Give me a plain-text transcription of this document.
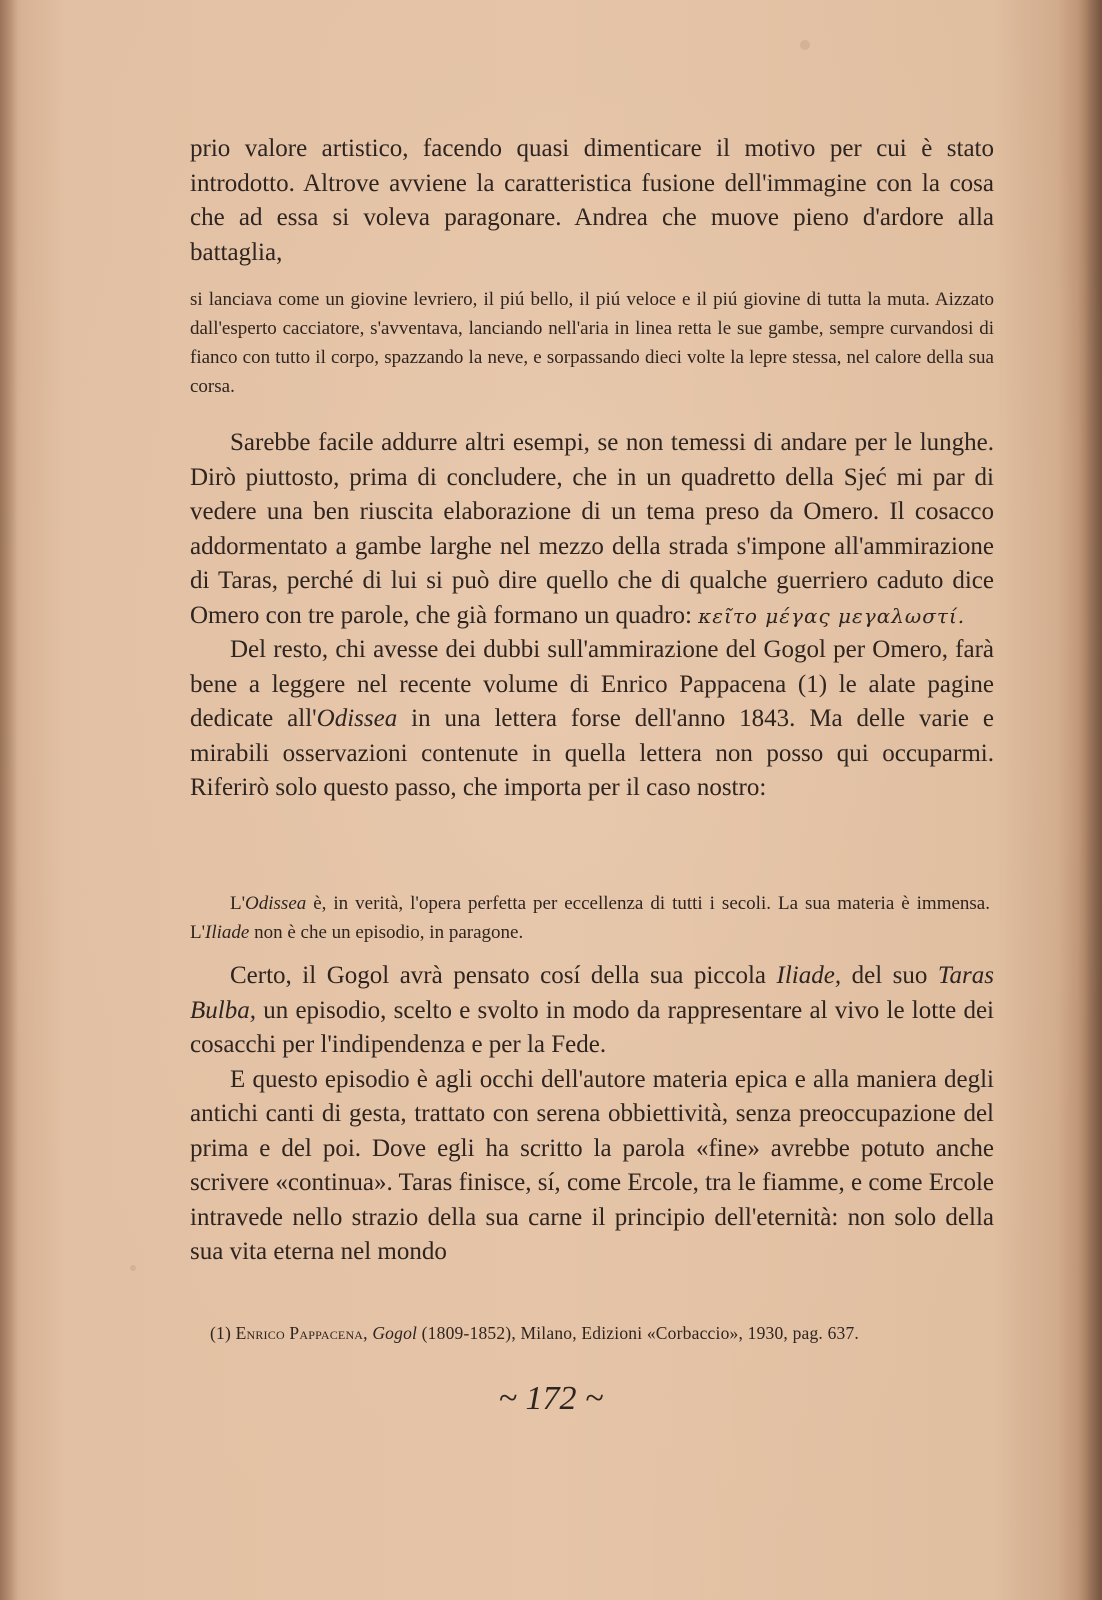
prio valore artistico, facendo quasi dimenticare il motivo per cui è stato introdotto. Altrove avviene la caratteristica fusione dell'immagine con la cosa che ad essa si voleva paragonare. Andrea che muove pieno d'ardore alla battaglia,

si lanciava come un giovine levriero, il piú bello, il piú veloce e il piú giovine di tutta la muta. Aizzato dall'esperto cacciatore, s'avventava, lanciando nell'aria in linea retta le sue gambe, sempre curvandosi di fianco con tutto il corpo, spazzando la neve, e sorpassando dieci volte la lepre stessa, nel calore della sua corsa.

Sarebbe facile addurre altri esempi, se non temessi di andare per le lunghe. Dirò piuttosto, prima di concludere, che in un quadretto della Sjeć mi par di vedere una ben riuscita elaborazione di un tema preso da Omero. Il cosacco addormentato a gambe larghe nel mezzo della strada s'impone all'ammirazione di Taras, perché di lui si può dire quello che di qualche guerriero caduto dice Omero con tre parole, che già formano un quadro: κεῖτο μέγας μεγαλωστί.

Del resto, chi avesse dei dubbi sull'ammirazione del Gogol per Omero, farà bene a leggere nel recente volume di Enrico Pappacena (1) le alate pagine dedicate all'Odissea in una lettera forse dell'anno 1843. Ma delle varie e mirabili osservazioni contenute in quella lettera non posso qui occuparmi. Riferirò solo questo passo, che importa per il caso nostro:

L'Odissea è, in verità, l'opera perfetta per eccellenza di tutti i secoli. La sua materia è immensa. L'Iliade non è che un episodio, in paragone.

Certo, il Gogol avrà pensato cosí della sua piccola Iliade, del suo Taras Bulba, un episodio, scelto e svolto in modo da rappresentare al vivo le lotte dei cosacchi per l'indipendenza e per la Fede.

E questo episodio è agli occhi dell'autore materia epica e alla maniera degli antichi canti di gesta, trattato con serena obbiettività, senza preoccupazione del prima e del poi. Dove egli ha scritto la parola «fine» avrebbe potuto anche scrivere «continua». Taras finisce, sí, come Ercole, tra le fiamme, e come Ercole intravede nello strazio della sua carne il principio dell'eternità: non solo della sua vita eterna nel mondo

(1) Enrico Pappacena, Gogol (1809-1852), Milano, Edizioni «Corbaccio», 1930, pag. 637.
~ 172 ~
